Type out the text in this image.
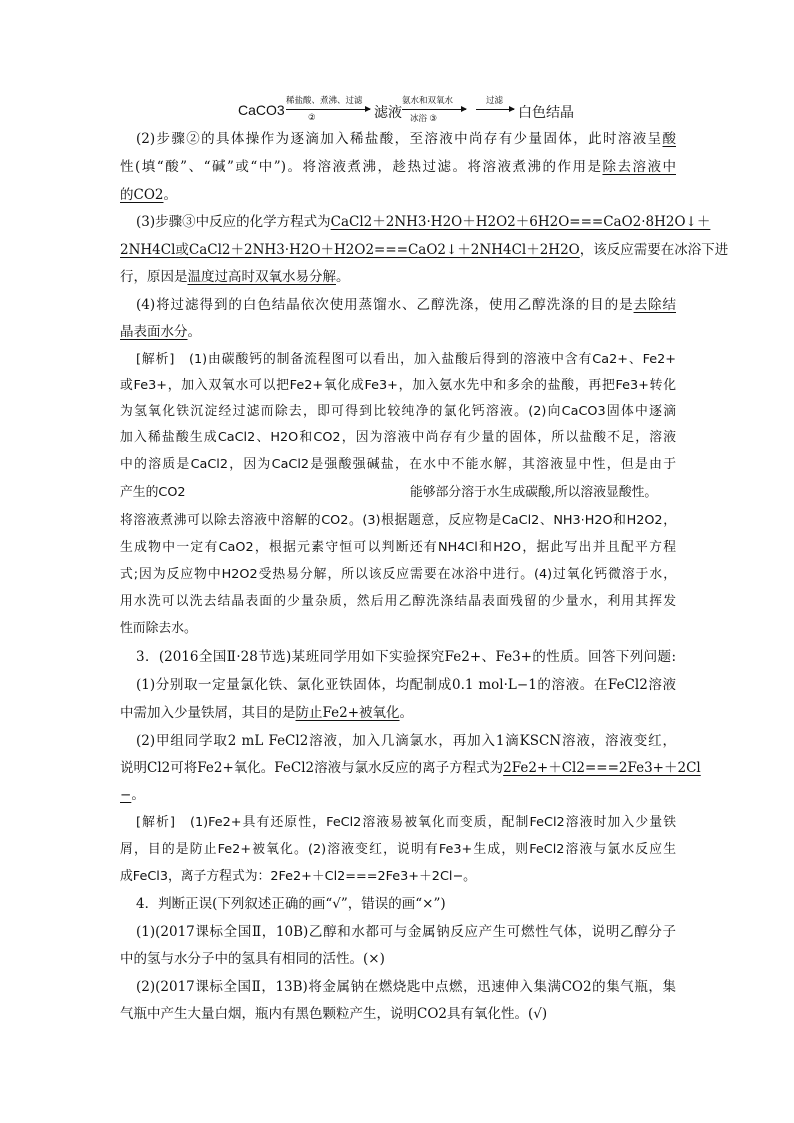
CaCO3
稀盐酸、煮沸、过滤
②	滤液
氨水和双氧水
冰浴 ③
过滤
白色结晶
(2)步骤②的具体操作为逐滴加入稀盐酸，至溶液中尚存有少量固体，此时溶液呈酸
性(填“酸”、“碱”或“中”)。将溶液煮沸，趁热过滤。将溶液煮沸的作用是除去溶液中
的CO2。
(3)步骤③中反应的化学方程式为CaCl2＋2NH3·H2O＋H2O2＋6H2O===CaO2·8H2O↓＋
2NH4Cl或CaCl2＋2NH3·H2O＋H2O2===CaO2↓＋2NH4Cl＋2H2O，该反应需要在冰浴下进
行，原因是温度过高时双氧水易分解。
(4)将过滤得到的白色结晶依次使用蒸馏水、乙醇洗涤，使用乙醇洗涤的目的是去除结
晶表面水分。
[解析]　(1)由碳酸钙的制备流程图可以看出，加入盐酸后得到的溶液中含有Ca2+、Fe2+
或Fe3+，加入双氧水可以把Fe2+氧化成Fe3+，加入氨水先中和多余的盐酸，再把Fe3+转化
为氢氧化铁沉淀经过滤而除去，即可得到比较纯净的氯化钙溶液。(2)向CaCO3固体中逐滴
加入稀盐酸生成CaCl2、H2O和CO2，因为溶液中尚存有少量的固体，所以盐酸不足，溶液
中的溶质是CaCl2，因为CaCl2是强酸强碱盐，在水中不能水解，其溶液显中性，但是由于
产生的CO2	能够部分溶于水生成碳酸,所以溶液显酸性。
将溶液煮沸可以除去溶液中溶解的CO2。(3)根据题意，反应物是CaCl2、NH3·H2O和H2O2，
生成物中一定有CaO2，根据元素守恒可以判断还有NH4Cl和H2O，据此写出并且配平方程
式;因为反应物中H2O2受热易分解，所以该反应需要在冰浴中进行。(4)过氧化钙微溶于水，
用水洗可以洗去结晶表面的少量杂质，然后用乙醇洗涤结晶表面残留的少量水，利用其挥发
性而除去水。
3．(2016全国Ⅱ·28节选)某班同学用如下实验探究Fe2+、Fe3+的性质。回答下列问题:
(1)分别取一定量氯化铁、氯化亚铁固体，均配制成0.1 mol·L−1的溶液。在FeCl2溶液
中需加入少量铁屑，其目的是防止Fe2+被氧化。
(2)甲组同学取2 mL FeCl2溶液，加入几滴氯水，再加入1滴KSCN溶液，溶液变红，
说明Cl2可将Fe2+氧化。FeCl2溶液与氯水反应的离子方程式为2Fe2+＋Cl2===2Fe3+＋2Cl
−。
[解析]　(1)Fe2+具有还原性，FeCl2溶液易被氧化而变质，配制FeCl2溶液时加入少量铁
屑，目的是防止Fe2+被氧化。(2)溶液变红，说明有Fe3+生成，则FeCl2溶液与氯水反应生
成FeCl3，离子方程式为：2Fe2+＋Cl2===2Fe3+＋2Cl−。
4．判断正误(下列叙述正确的画“√”，错误的画“×”)
(1)(2017课标全国Ⅱ，10B)乙醇和水都可与金属钠反应产生可燃性气体，说明乙醇分子
中的氢与水分子中的氢具有相同的活性。(×)
(2)(2017课标全国Ⅱ，13B)将金属钠在燃烧匙中点燃，迅速伸入集满CO2的集气瓶，集
气瓶中产生大量白烟，瓶内有黑色颗粒产生，说明CO2具有氧化性。(√)
